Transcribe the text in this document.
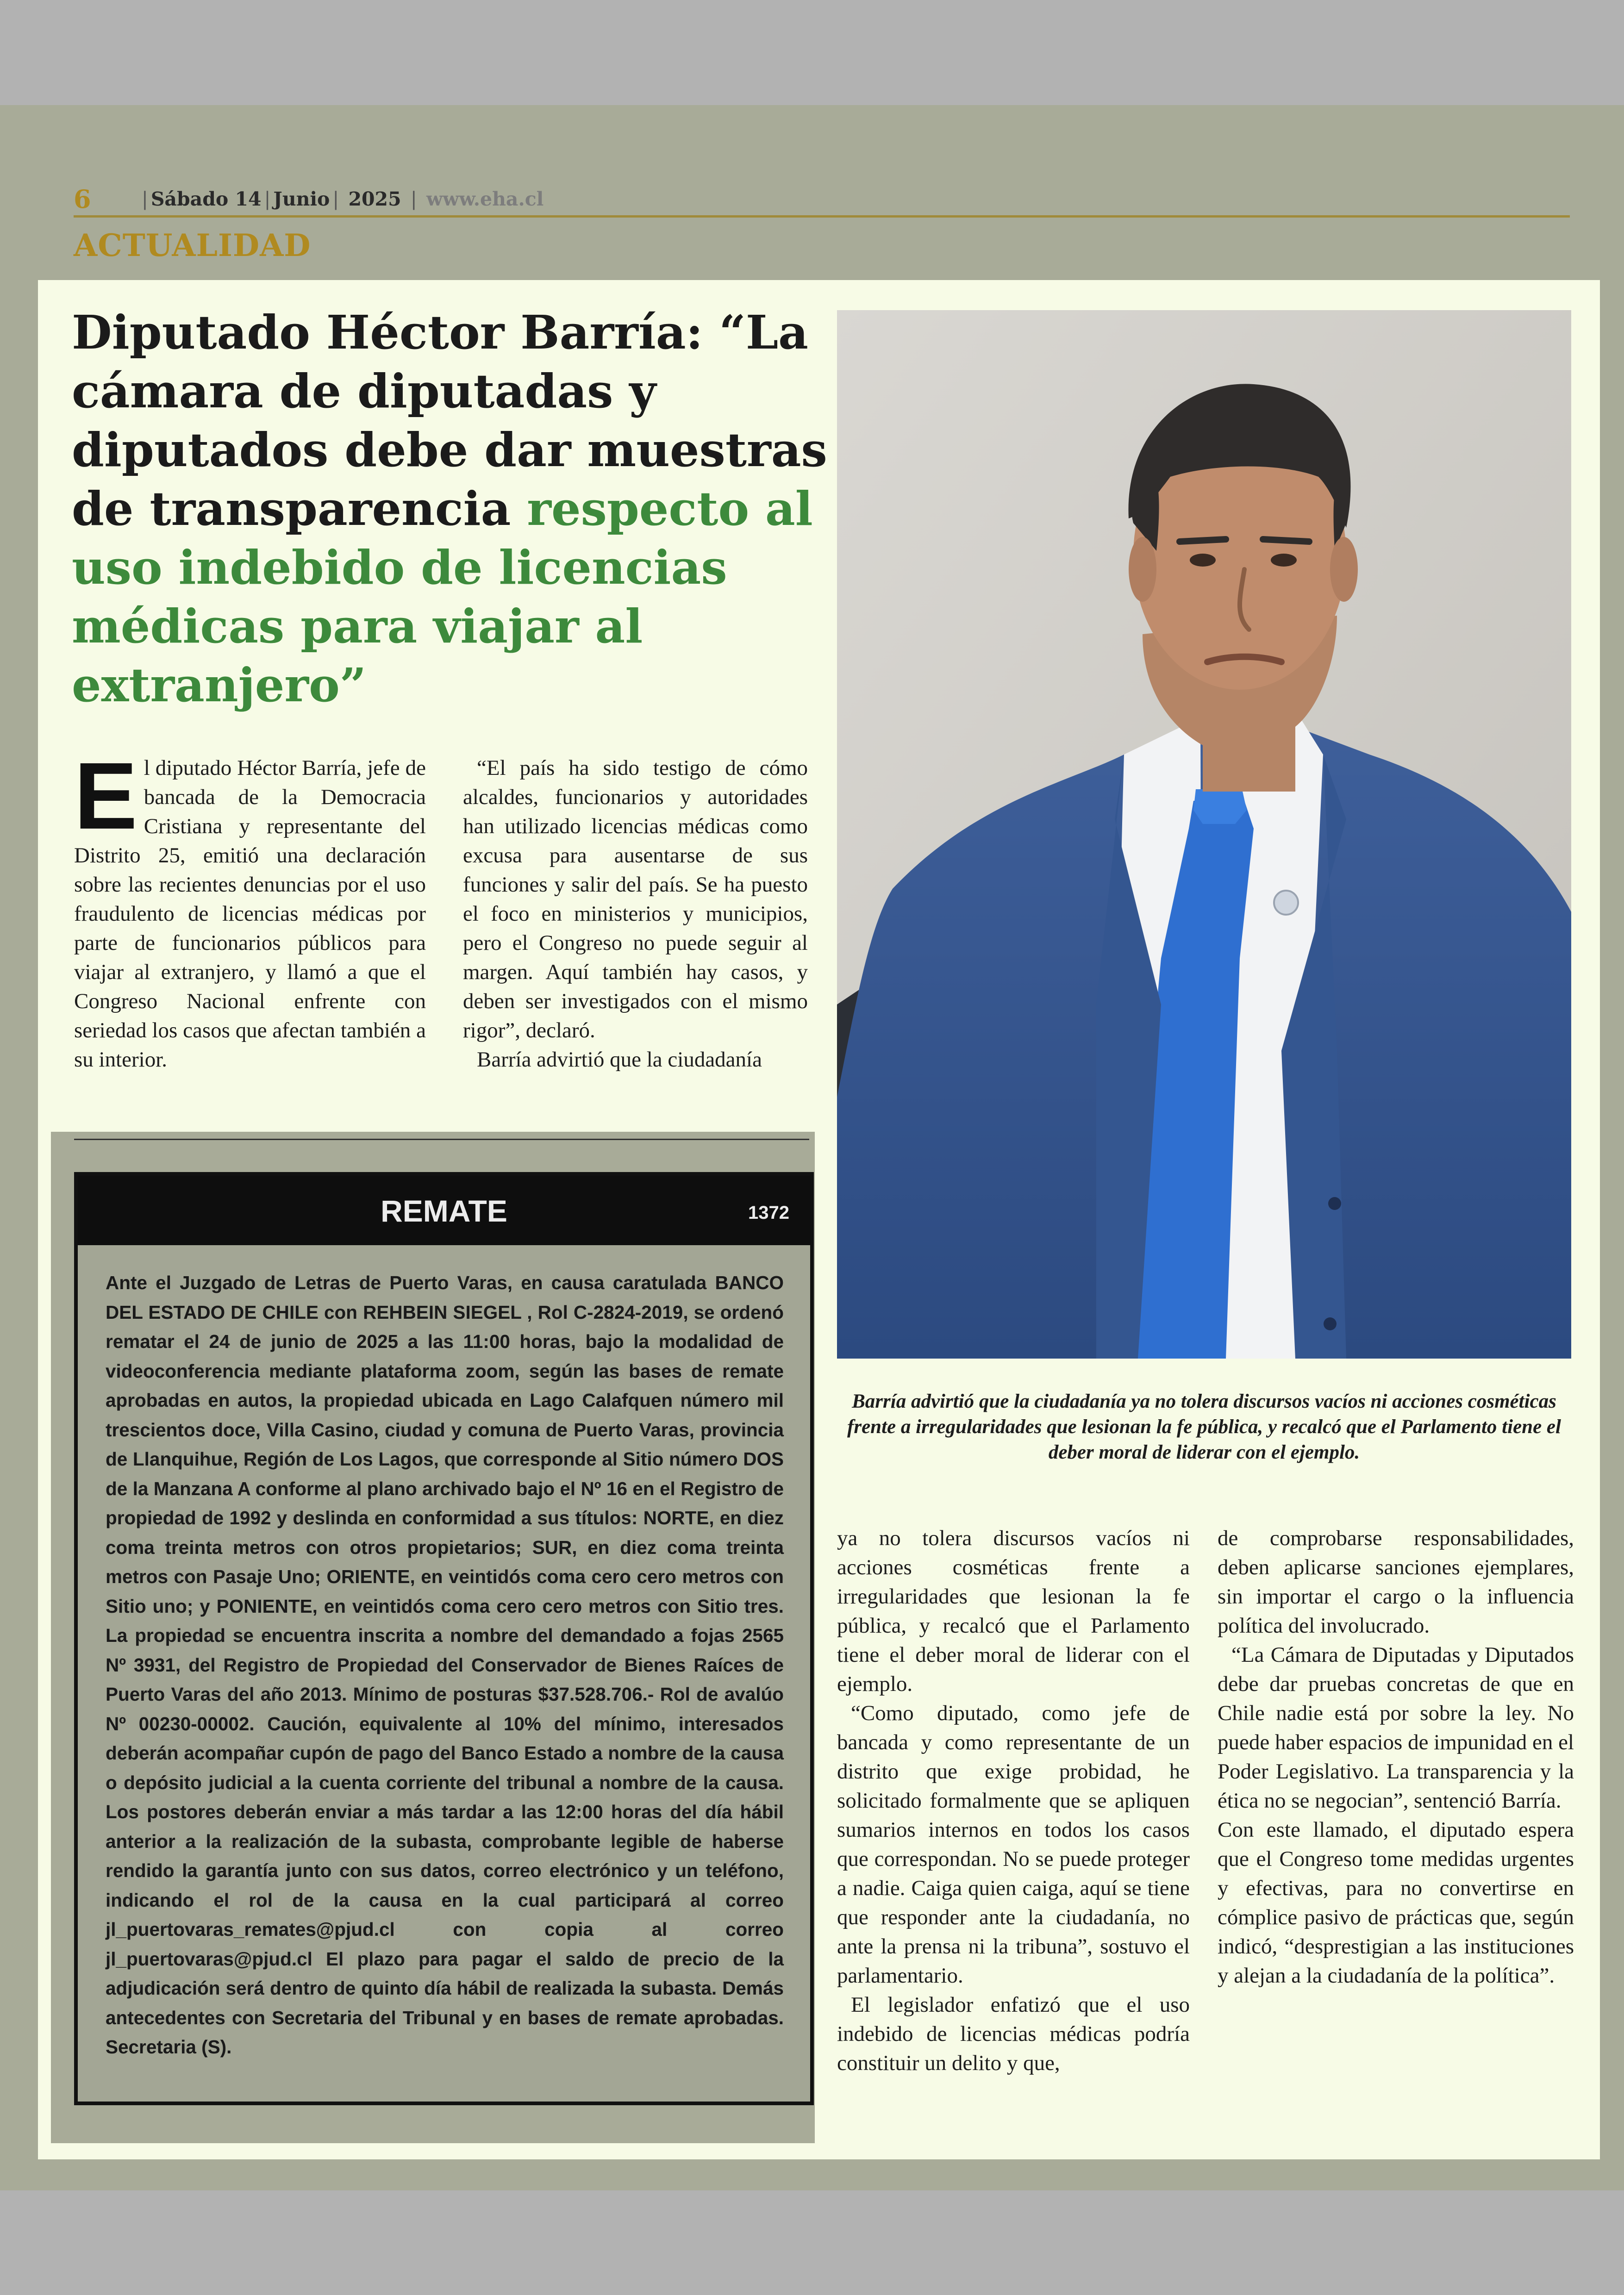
6	| Sábado 14 | Junio | 2025 | www.eha.cl
ACTUALIDAD
Diputado Héctor Barría: “La cámara de diputadas y diputados debe dar muestras de transparencia respecto al uso indebido de licencias médicas para viajar al extranjero”
E l diputado Héctor Barría, jefe de bancada de la Democracia Cristiana y representante del Distrito 25, emitió una declaración sobre las recientes denuncias por el uso fraudulento de licencias médicas por parte de funcionarios públicos para viajar al extranjero, y llamó a que el Congreso Nacional enfrente con seriedad los casos que afectan también a su interior.

“El país ha sido testigo de cómo alcaldes, funcionarios y autoridades han utilizado licencias médicas como excusa para ausentarse de sus funciones y salir del país. Se ha puesto el foco en ministerios y municipios, pero el Congreso no puede seguir al margen. Aquí también hay casos, y deben ser investigados con el mismo rigor”, declaró.

Barría advirtió que la ciudadanía

Barría advirtió que la ciudadanía ya no tolera discursos vacíos ni acciones cosméticas frente a irregularidades que lesionan la fe pública, y recalcó que el Parlamento tiene el deber moral de liderar con el ejemplo.

ya no tolera discursos vacíos ni acciones cosméticas frente a irregularidades que lesionan la fe pública, y recalcó que el Parlamento tiene el deber moral de liderar con el ejemplo.

“Como diputado, como jefe de bancada y como representante de un distrito que exige probidad, he solicitado formalmente que se apliquen sumarios internos en todos los casos que correspondan. No se puede proteger a nadie. Caiga quien caiga, aquí se tiene que responder ante la ciudadanía, no ante la prensa ni la tribuna”, sostuvo el parlamentario.

El legislador enfatizó que el uso indebido de licencias médicas podría constituir un delito y que,

de comprobarse responsabilidades, deben aplicarse sanciones ejemplares, sin importar el cargo o la influencia política del involucrado.

“La Cámara de Diputadas y Diputados debe dar pruebas concretas de que en Chile nadie está por sobre la ley. No puede haber espacios de impunidad en el Poder Legislativo. La transparencia y la ética no se negocian”, sentenció Barría.

Con este llamado, el diputado espera que el Congreso tome medidas urgentes y efectivas, para no convertirse en cómplice pasivo de prácticas que, según indicó, “desprestigian a las instituciones y alejan a la ciudadanía de la política”.

REMATE	1372
Ante el Juzgado de Letras de Puerto Varas, en causa caratulada BANCO DEL ESTADO DE CHILE con REHBEIN SIEGEL , Rol C-2824-2019, se ordenó rematar el 24 de junio de 2025 a las 11:00 horas, bajo la modalidad de videoconferencia mediante plataforma zoom, según las bases de remate aprobadas en autos, la propiedad ubicada en Lago Calafquen número mil trescientos doce, Villa Casino, ciudad y comuna de Puerto Varas, provincia de Llanquihue, Región de Los Lagos, que corresponde al Sitio número DOS de la Manzana A conforme al plano archivado bajo el Nº 16 en el Registro de propiedad de 1992 y deslinda en conformidad a sus títulos: NORTE, en diez coma treinta metros con otros propietarios; SUR, en diez coma treinta metros con Pasaje Uno; ORIENTE, en veintidós coma cero cero metros con Sitio uno; y PONIENTE, en veintidós coma cero cero metros con Sitio tres. La propiedad se encuentra inscrita a nombre del demandado a fojas 2565 Nº 3931, del Registro de Propiedad del Conservador de Bienes Raíces de Puerto Varas del año 2013. Mínimo de posturas $37.528.706.- Rol de avalúo Nº 00230-00002. Caución, equivalente al 10% del mínimo, interesados deberán acompañar cupón de pago del Banco Estado a nombre de la causa o depósito judicial a la cuenta corriente del tribunal a nombre de la causa. Los postores deberán enviar a más tardar a las 12:00 horas del día hábil anterior a la realización de la subasta, comprobante legible de haberse rendido la garantía junto con sus datos, correo electrónico y un teléfono, indicando el rol de la causa en la cual participará al correo jl_puertovaras_remates@pjud.cl con copia al correo jl_puertovaras@pjud.cl El plazo para pagar el saldo de precio de la adjudicación será dentro de quinto día hábil de realizada la subasta. Demás antecedentes con Secretaria del Tribunal y en bases de remate aprobadas. Secretaria (S).
